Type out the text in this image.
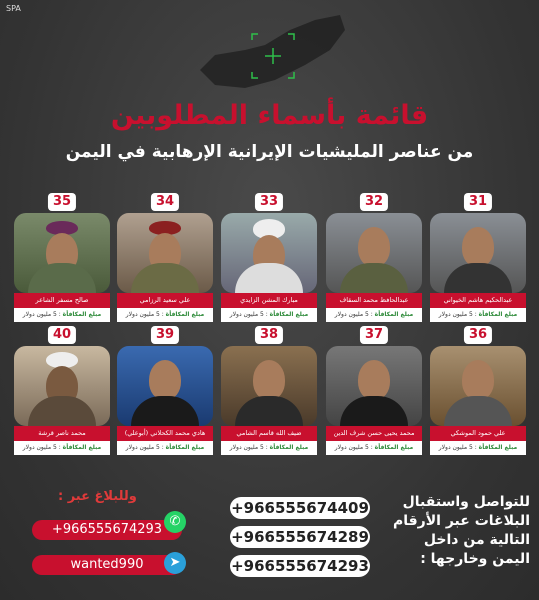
SPA
قائمة بأسماء المطلوبين
من عناصر المليشيات الإيرانية الإرهابية في اليمن
31
عبدالحكيم هاشم الخيواني
مبلغ المكافأة : 5 مليون دولار
32
عبدالحافظ محمد السقاف
مبلغ المكافأة : 5 مليون دولار
33
مبارك المشن الزايدي
مبلغ المكافأة : 5 مليون دولار
34
علي سعيد الرزامي
مبلغ المكافأة : 5 مليون دولار
35
صالح مسفر الشاعر
مبلغ المكافأة : 5 مليون دولار
36
علي حمود الموشكي
مبلغ المكافأة : 5 مليون دولار
37
محمد يحيى حسن شرف الدين
مبلغ المكافأة : 5 مليون دولار
38
ضيف الله قاسم الشامي
مبلغ المكافأة : 5 مليون دولار
39
هادي محمد الكحلاني (أبوعلي)
مبلغ المكافأة : 5 مليون دولار
40
محمد ناصر قرشة
مبلغ المكافأة : 5 مليون دولار
للتواصل واستقبال البلاغات عبر الأرقام التالية من داخل اليمن وخارجها :
+966555674409
+966555674289
+966555674293
وللبلاغ عبر :
+966555674293
✆
wanted990	➤
